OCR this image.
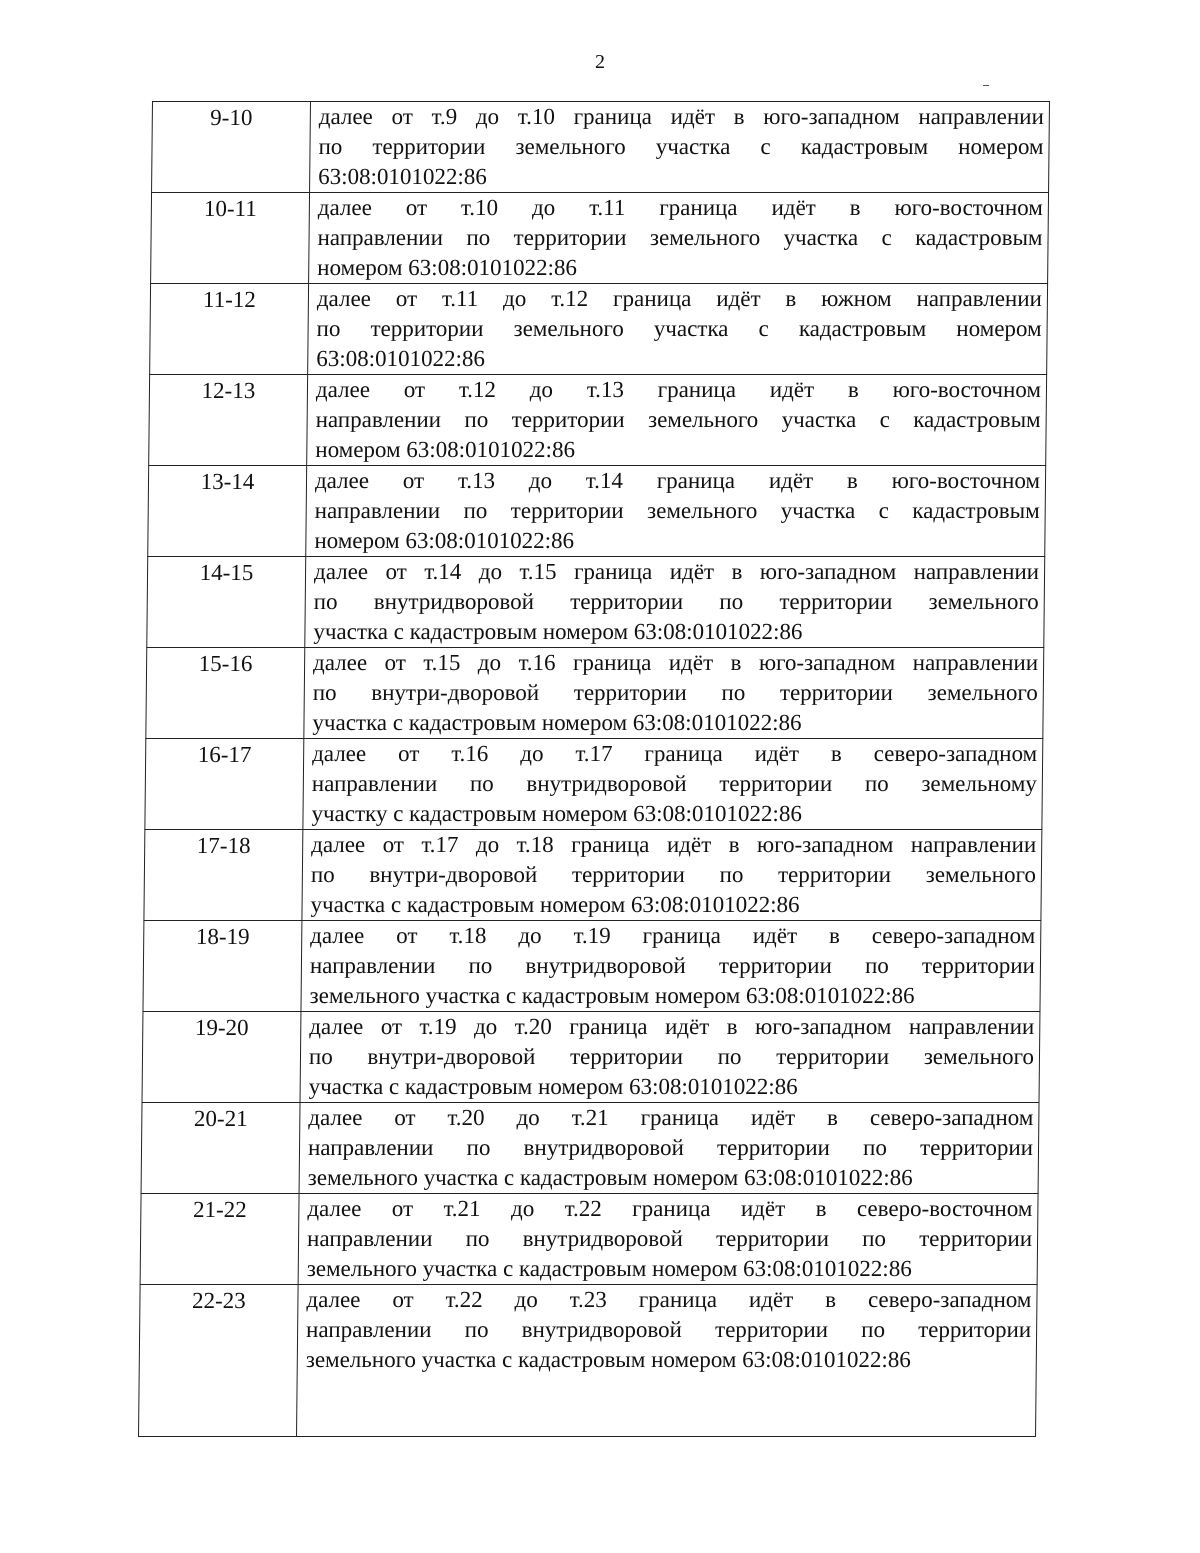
2
9-10	далее от т.9 до т.10 граница идёт в юго-западном направлении
по территории земельного участка с кадастровым номером
63:08:0101022:86

10-11	далее от т.10 до т.11 граница идёт в юго-восточном
направлении по территории земельного участка с кадастровым
номером 63:08:0101022:86

11-12	далее от т.11 до т.12 граница идёт в южном направлении
по территории земельного участка с кадастровым номером
63:08:0101022:86

12-13	далее от т.12 до т.13 граница идёт в юго-восточном
направлении по территории земельного участка с кадастровым
номером 63:08:0101022:86

13-14	далее от т.13 до т.14 граница идёт в юго-восточном
направлении по территории земельного участка с кадастровым
номером 63:08:0101022:86

14-15	далее от т.14 до т.15 граница идёт в юго-западном направлении
по внутридворовой территории по территории земельного
участка с кадастровым номером 63:08:0101022:86

15-16	далее от т.15 до т.16 граница идёт в юго-западном направлении
по внутри-дворовой территории по территории земельного
участка с кадастровым номером 63:08:0101022:86

16-17	далее от т.16 до т.17 граница идёт в северо-западном
направлении по внутридворовой территории по земельному
участку с кадастровым номером 63:08:0101022:86

17-18	далее от т.17 до т.18 граница идёт в юго-западном направлении
по внутри-дворовой территории по территории земельного
участка с кадастровым номером 63:08:0101022:86

18-19	далее от т.18 до т.19 граница идёт в северо-западном
направлении по внутридворовой территории по территории
земельного участка с кадастровым номером 63:08:0101022:86

19-20	далее от т.19 до т.20 граница идёт в юго-западном направлении
по внутри-дворовой территории по территории земельного
участка с кадастровым номером 63:08:0101022:86

20-21	далее от т.20 до т.21 граница идёт в северо-западном
направлении по внутридворовой территории по территории
земельного участка с кадастровым номером 63:08:0101022:86

21-22	далее от т.21 до т.22 граница идёт в северо-восточном
направлении по внутридворовой территории по территории
земельного участка с кадастровым номером 63:08:0101022:86

22-23	далее от т.22 до т.23 граница идёт в северо-западном
направлении по внутридворовой территории по территории
земельного участка с кадастровым номером 63:08:0101022:86
